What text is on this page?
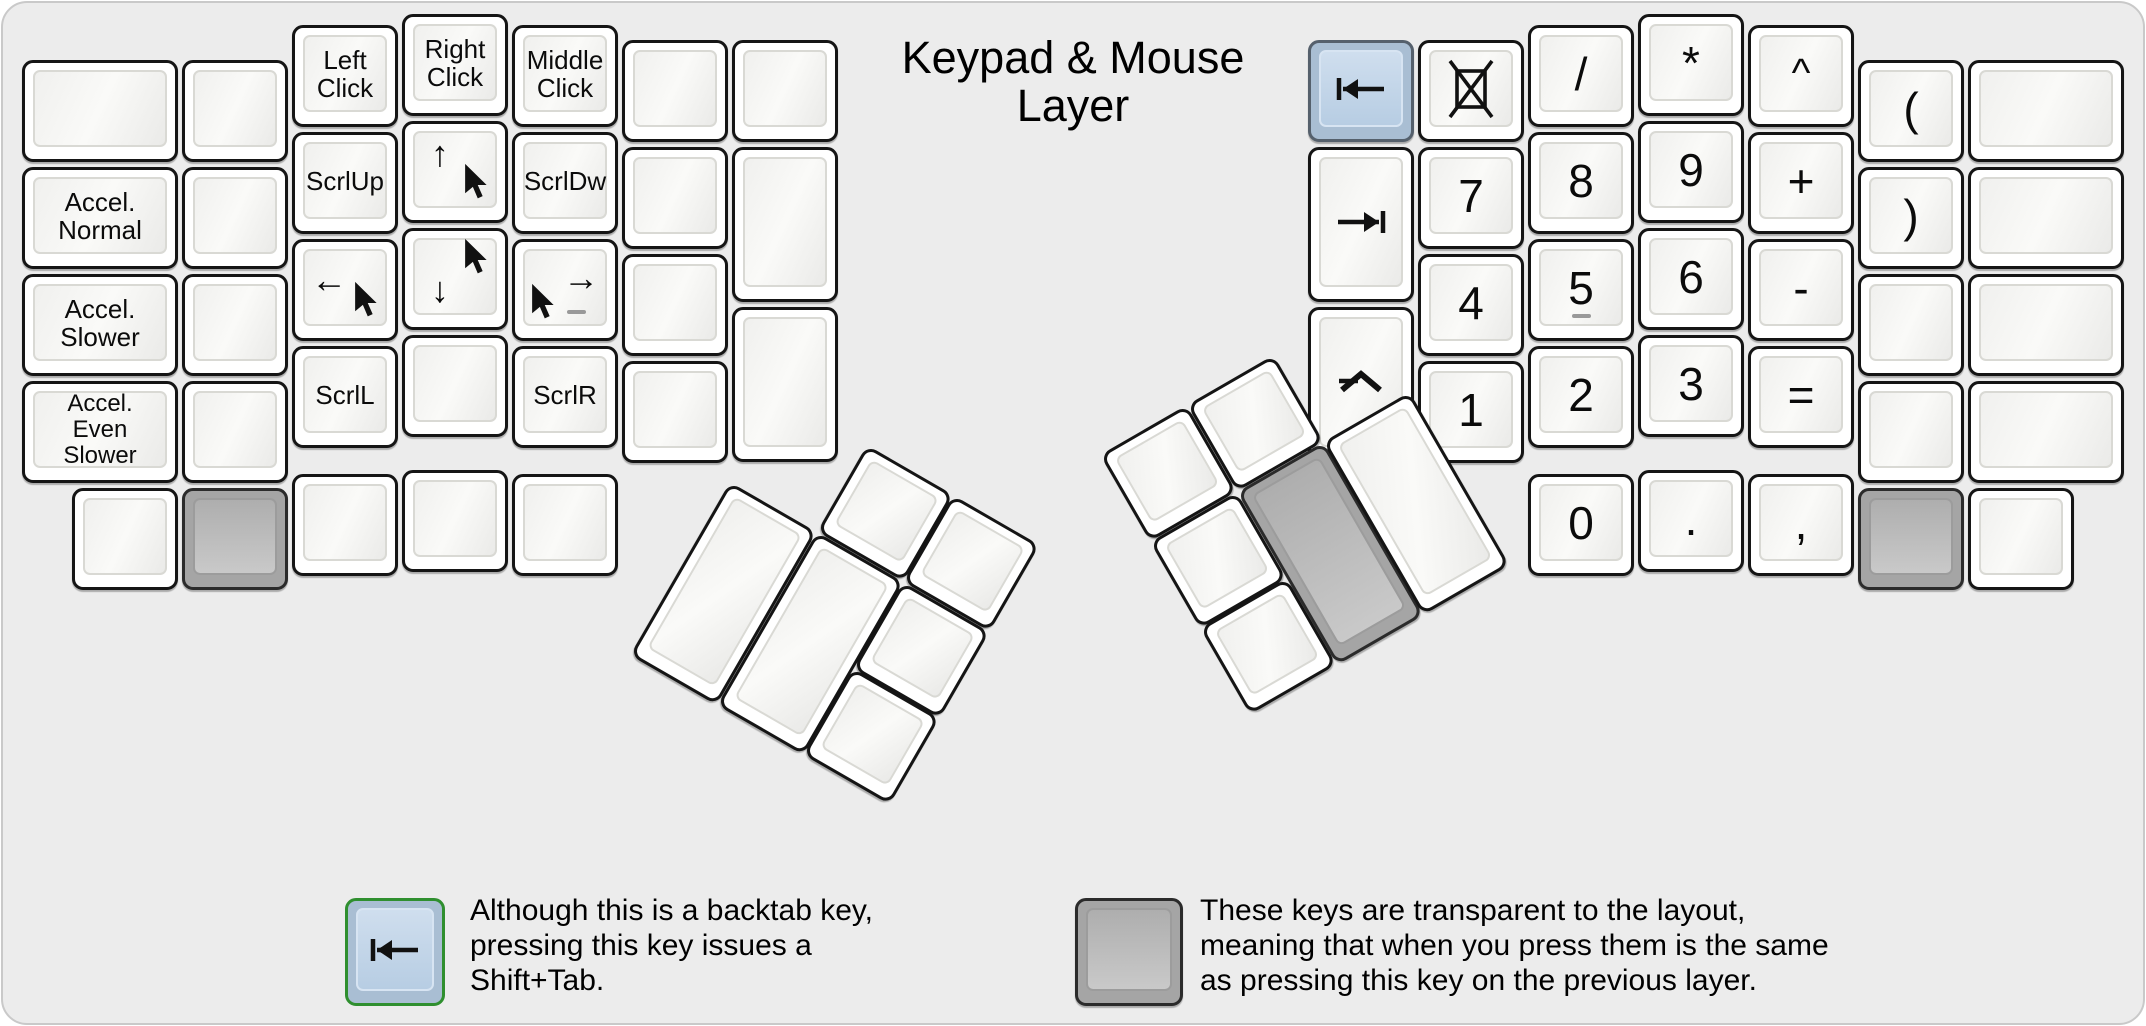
Keypad & Mouse
Layer
Accel.
Normal
Accel.
Slower
Accel.
Even
Slower
Left
Click
ScrlUp
←
ScrlL
Right
Click
↑
↓
Middle
Click
ScrlDw
→
ScrlR
7
4
1
/
8
5
2
*
9
6
3
^
+
-
=
(
)
0 . ,
Although this is a backtab key,
pressing this key issues a
Shift+Tab.
These keys are transparent to the layout,
meaning that when you press them is the same
as pressing this key on the previous layer.
